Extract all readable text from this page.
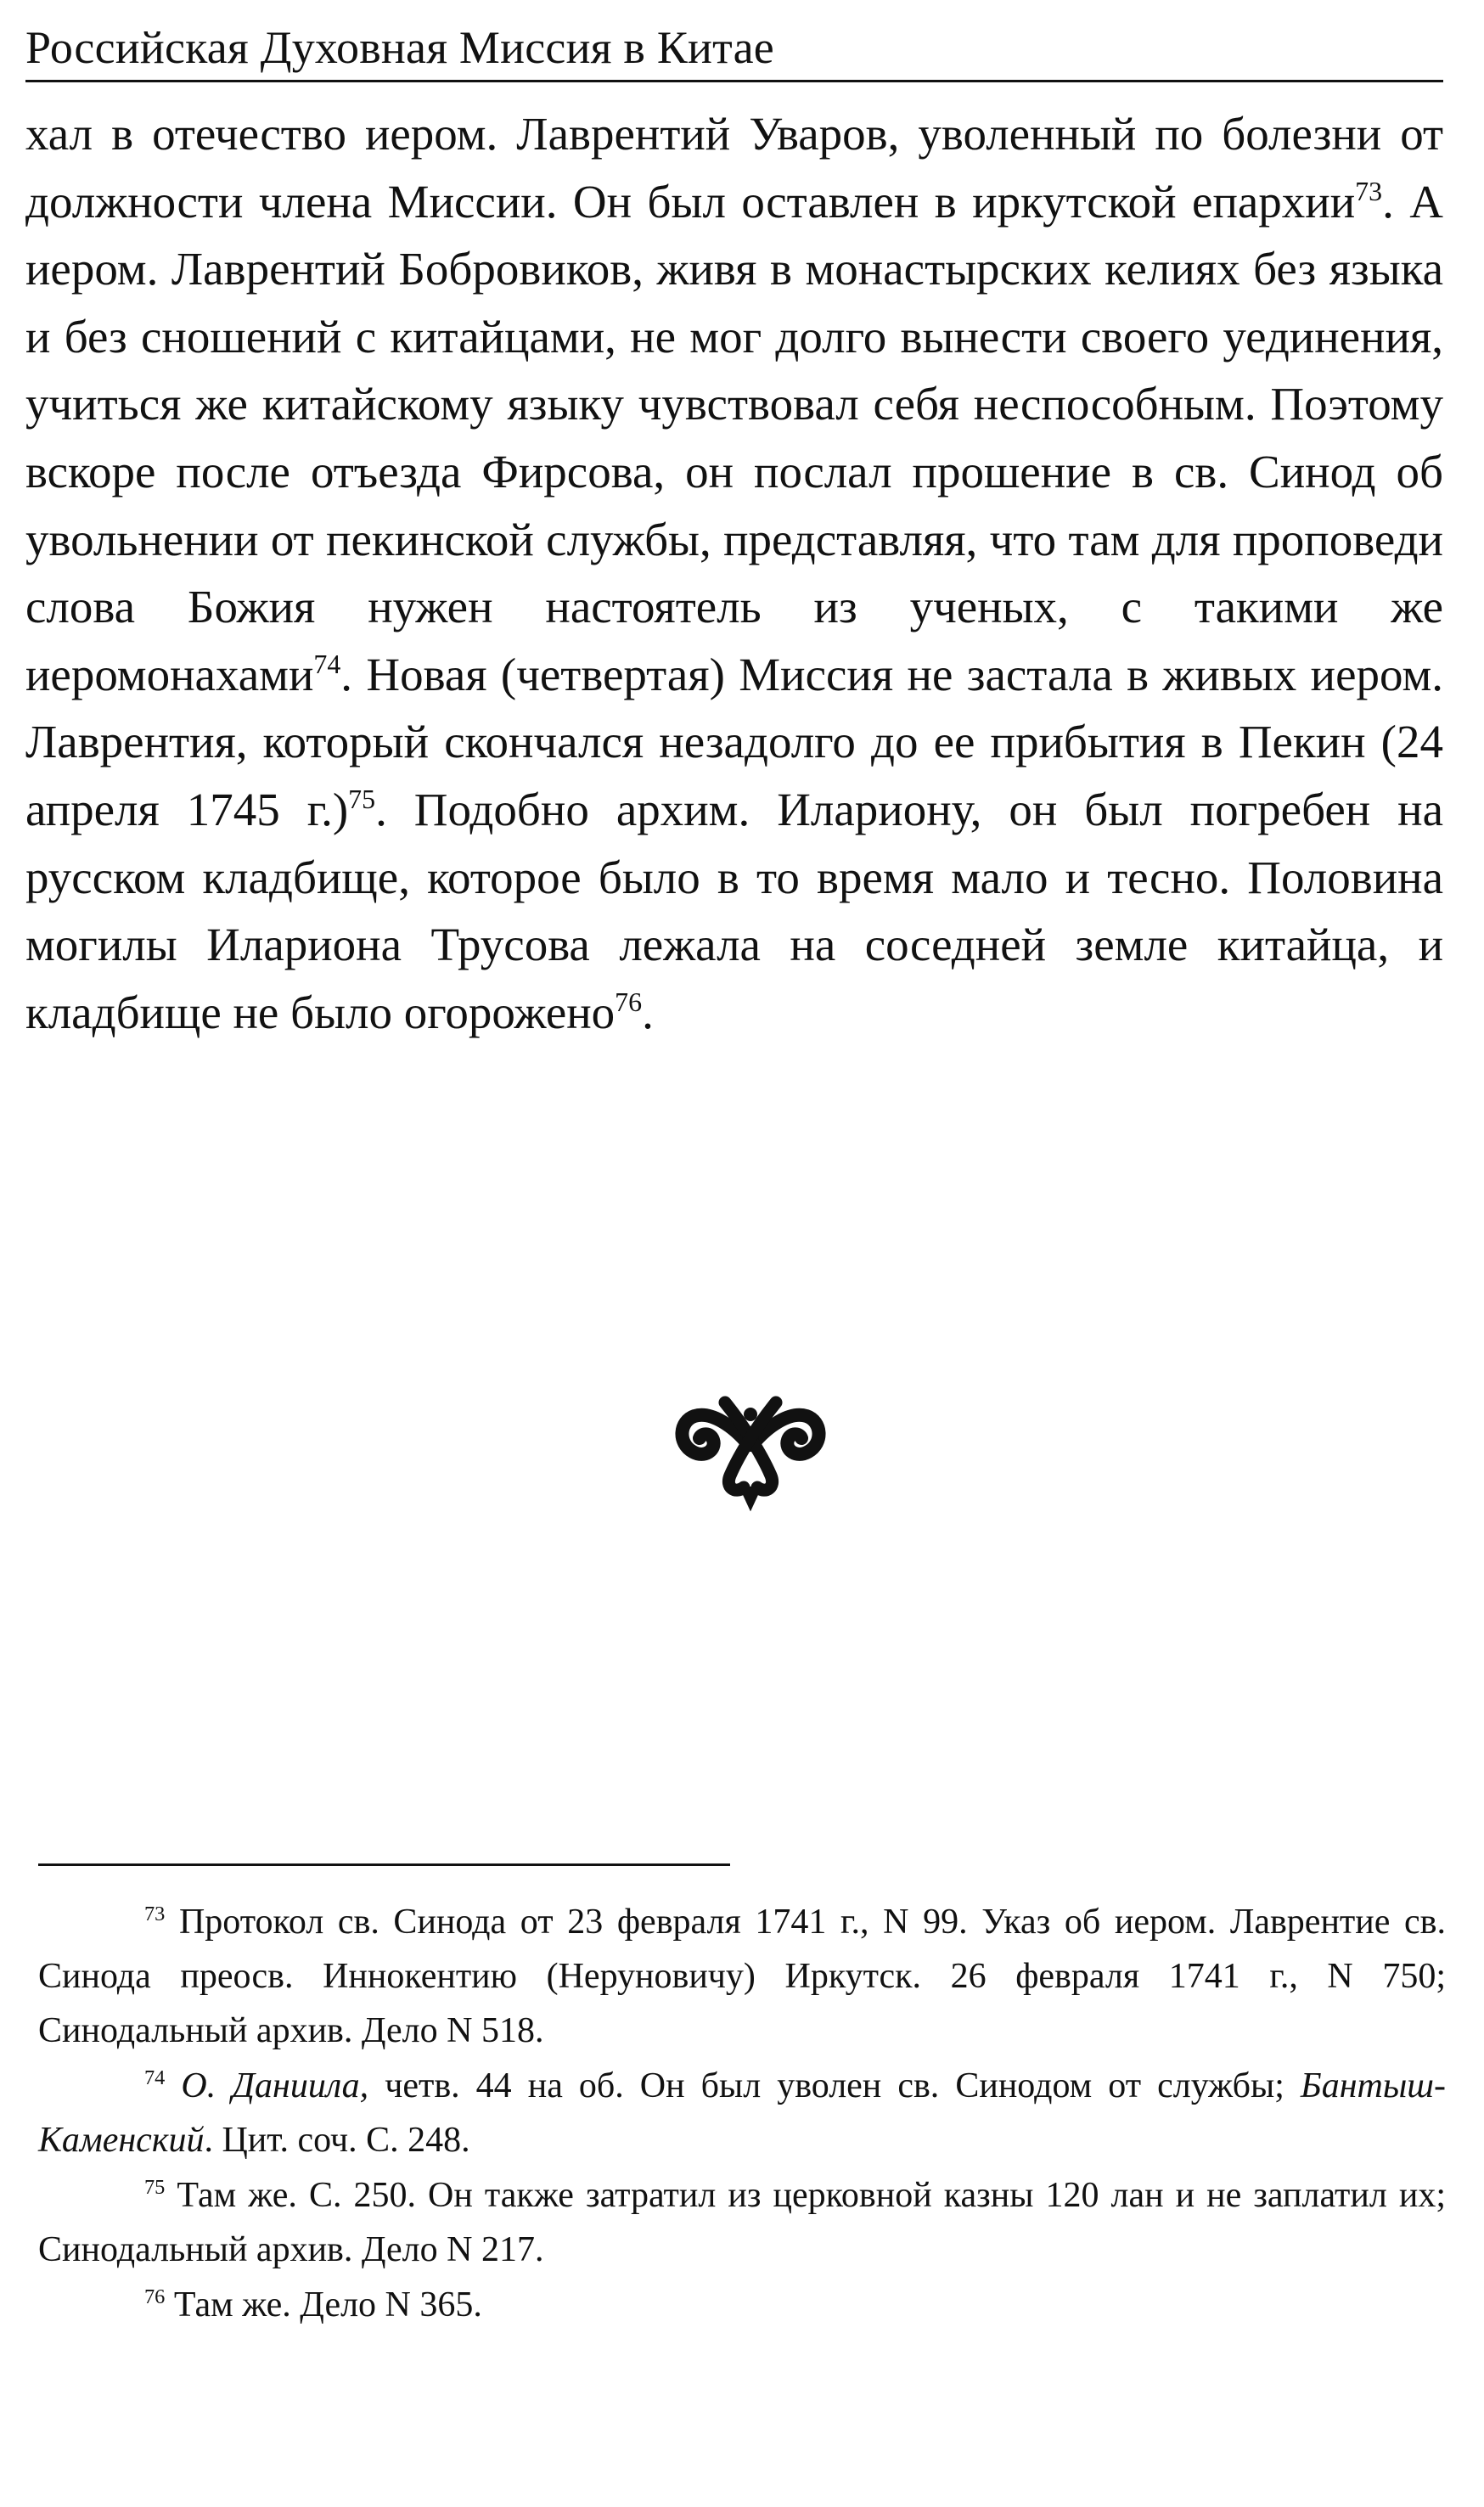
Российская Духовная Миссия в Китае

хал в отечество иером. Лаврентий Уваров, уволенный по болезни от должности члена Миссии. Он был оставлен в иркутской епархии$^{73}$. А иером. Лаврентий Бобровиков, живя в монастырских келиях без языка и без сношений с китайцами, не мог долго вынести своего уединения, учиться же китайскому языку чувствовал себя неспособным. Поэтому вскоре после отъезда Фирсова, он послал прошение в св. Синод об увольнении от пекинской службы, представляя, что там для проповеди слова Божия нужен настоятель из ученых, с такими же иеромонахами$^{74}$. Новая (четвертая) Миссия не застала в живых иером. Лаврентия, который скончался незадолго до ее прибытия в Пекин (24 апреля 1745 г.)$^{75}$. Подобно архим. Илариону, он был погребен на русском кладбище, которое было в то время мало и тесно. Половина могилы Илариона Трусова лежала на соседней земле китайца, и кладбище не было огорожено$^{76}$.

$^{73}$ Протокол св. Синода от 23 февраля 1741 г., N 99. Указ об иером. Лаврентие св. Синода преосв. Иннокентию (Неруновичу) Иркутск. 26 февраля 1741 г., N 750; Синодальный архив. Дело N 518.
$^{74}$ О. Даниила, четв. 44 на об. Он был уволен св. Синодом от службы; Бантыш-Каменский. Цит. соч. С. 248.
$^{75}$ Там же. С. 250. Он также затратил из церковной казны 120 лан и не заплатил их; Синодальный архив. Дело N 217.
$^{76}$ Там же. Дело N 365.
